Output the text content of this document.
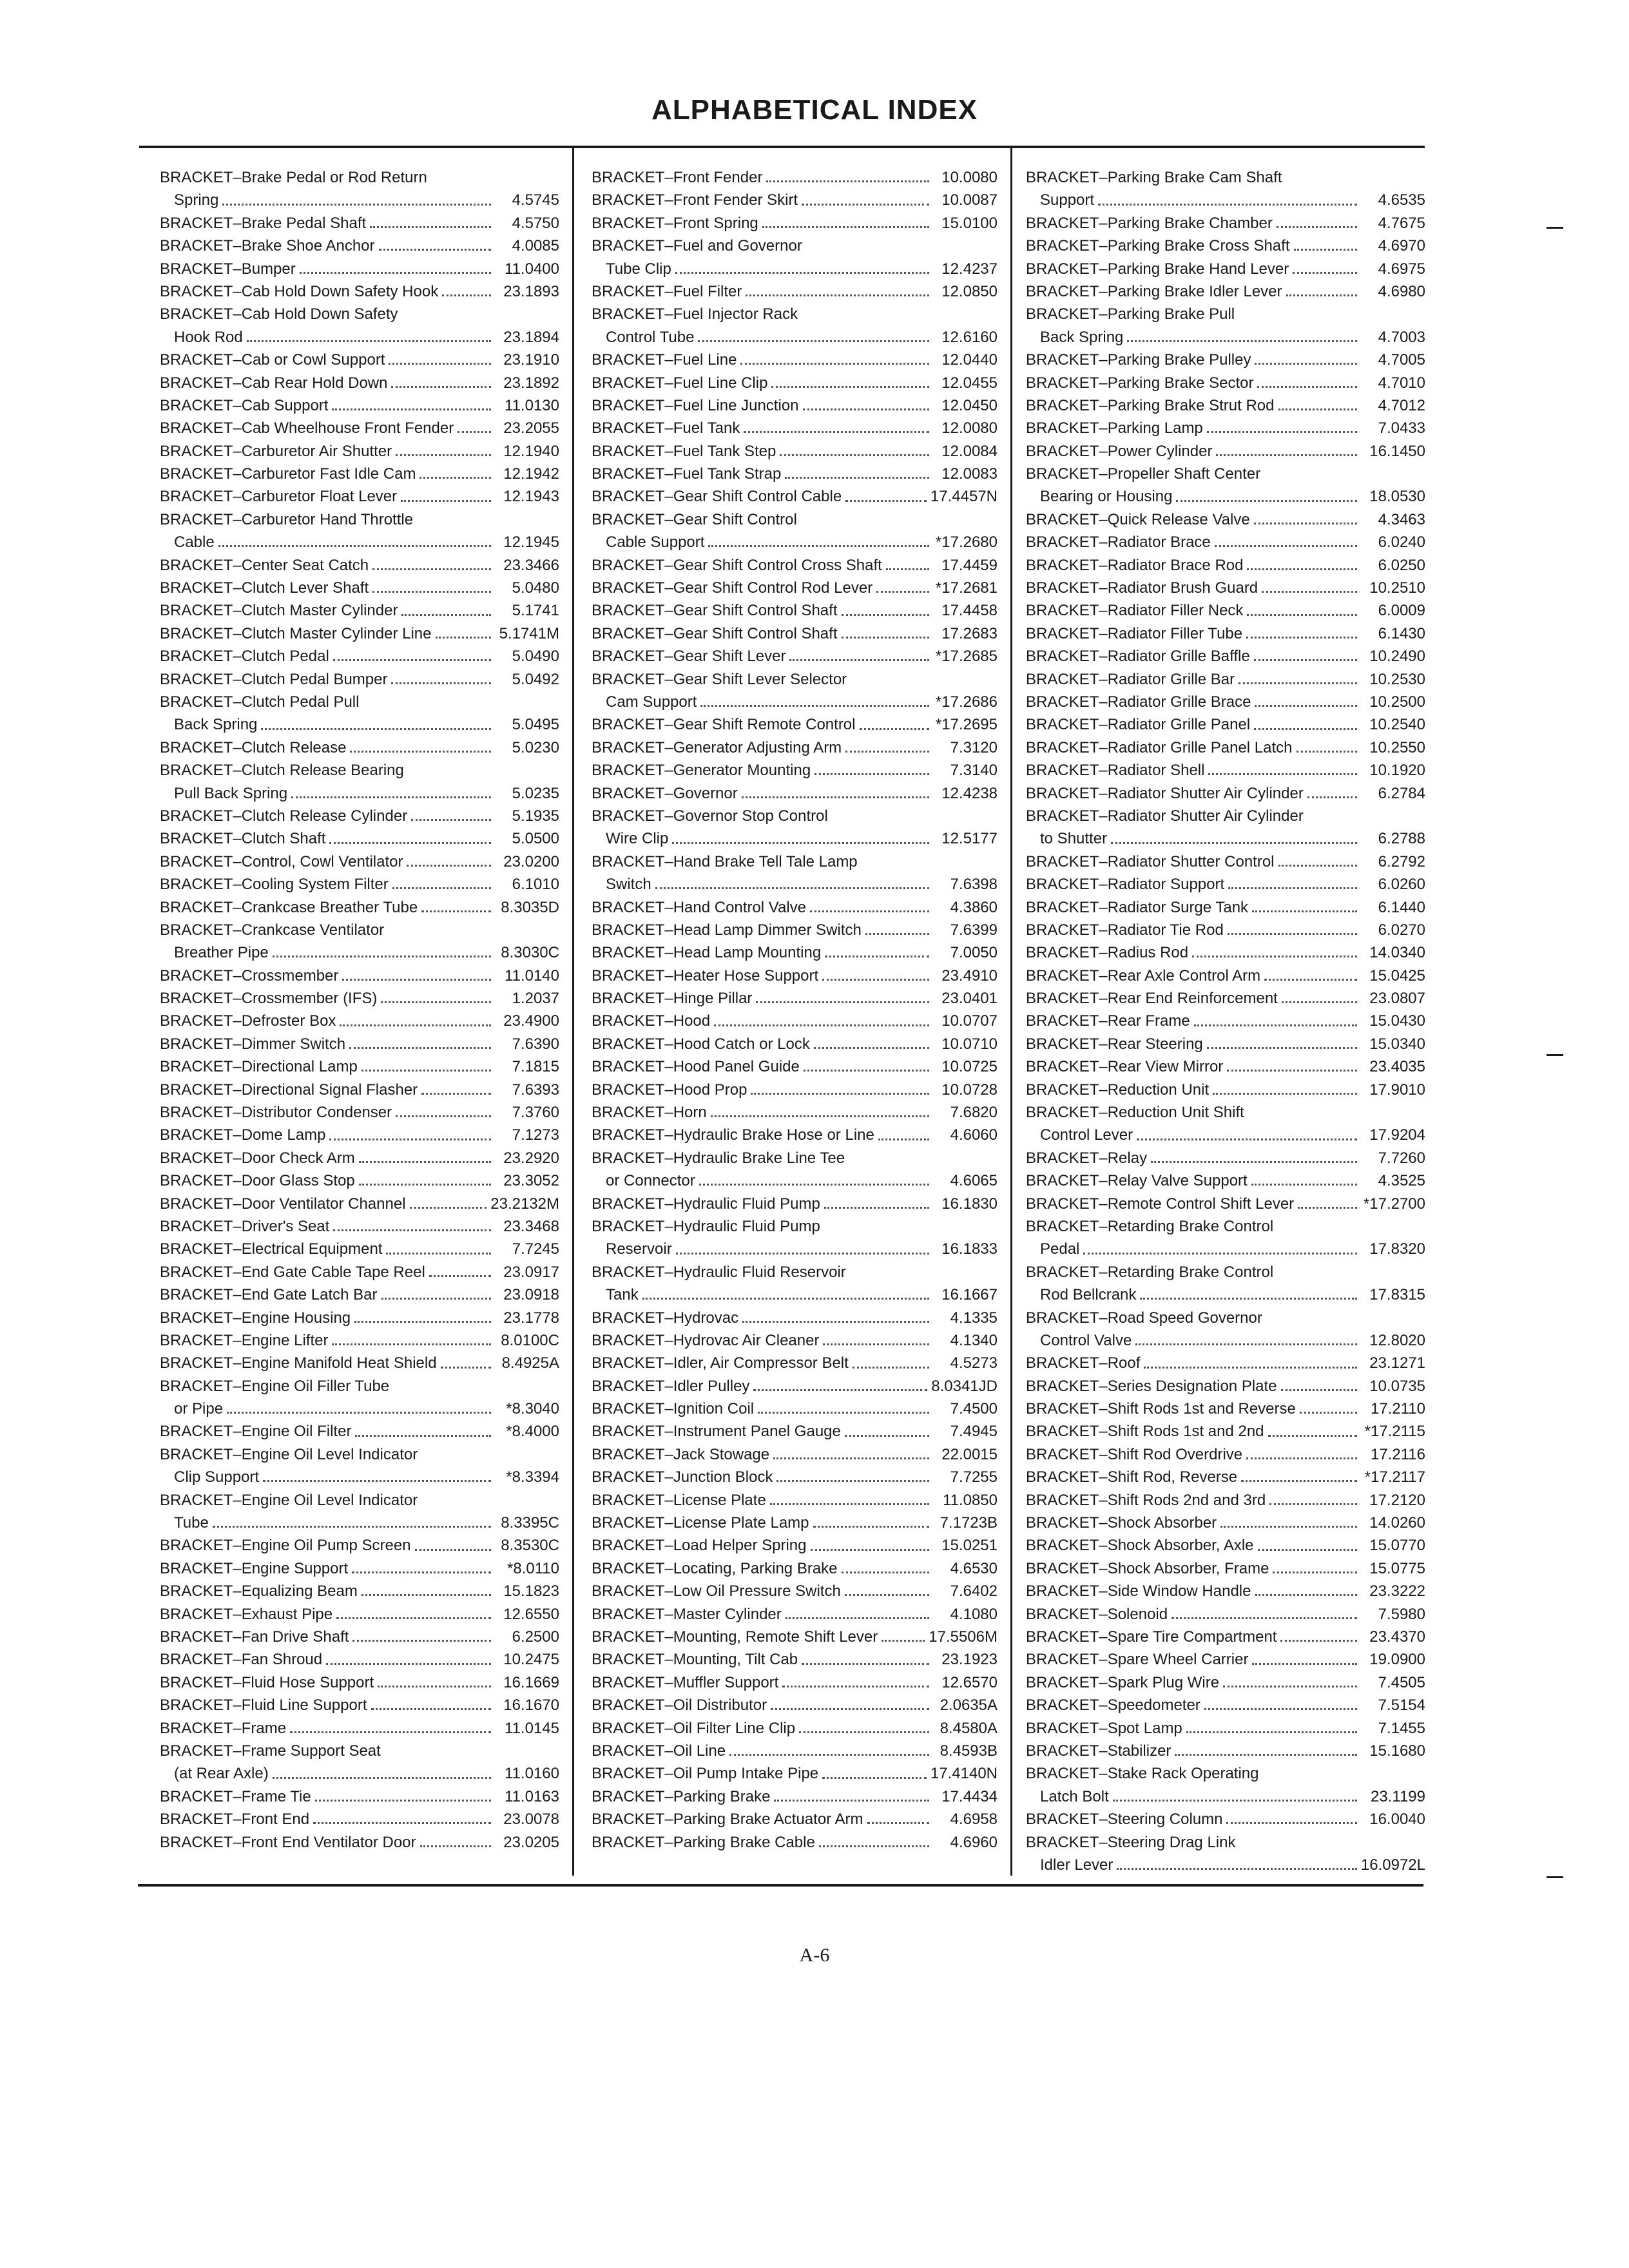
ALPHABETICAL INDEX
BRACKET–Brake Pedal or Rod Return
Spring	4.5745
BRACKET–Brake Pedal Shaft	4.5750
BRACKET–Brake Shoe Anchor	4.0085
BRACKET–Bumper	11.0400
BRACKET–Cab Hold Down Safety Hook	23.1893
BRACKET–Cab Hold Down Safety
Hook Rod	23.1894
BRACKET–Cab or Cowl Support	23.1910
BRACKET–Cab Rear Hold Down	23.1892
BRACKET–Cab Support	11.0130
BRACKET–Cab Wheelhouse Front Fender	23.2055
BRACKET–Carburetor Air Shutter	12.1940
BRACKET–Carburetor Fast Idle Cam	12.1942
BRACKET–Carburetor Float Lever	12.1943
BRACKET–Carburetor Hand Throttle
Cable	12.1945
BRACKET–Center Seat Catch	23.3466
BRACKET–Clutch Lever Shaft	5.0480
BRACKET–Clutch Master Cylinder	5.1741
BRACKET–Clutch Master Cylinder Line	5.1741M
BRACKET–Clutch Pedal	5.0490
BRACKET–Clutch Pedal Bumper	5.0492
BRACKET–Clutch Pedal Pull
Back Spring	5.0495
BRACKET–Clutch Release	5.0230
BRACKET–Clutch Release Bearing
Pull Back Spring	5.0235
BRACKET–Clutch Release Cylinder	5.1935
BRACKET–Clutch Shaft	5.0500
BRACKET–Control, Cowl Ventilator	23.0200
BRACKET–Cooling System Filter	6.1010
BRACKET–Crankcase Breather Tube	8.3035D
BRACKET–Crankcase Ventilator
Breather Pipe	8.3030C
BRACKET–Crossmember	11.0140
BRACKET–Crossmember (IFS)	1.2037
BRACKET–Defroster Box	23.4900
BRACKET–Dimmer Switch	7.6390
BRACKET–Directional Lamp	7.1815
BRACKET–Directional Signal Flasher	7.6393
BRACKET–Distributor Condenser	7.3760
BRACKET–Dome Lamp	7.1273
BRACKET–Door Check Arm	23.2920
BRACKET–Door Glass Stop	23.3052
BRACKET–Door Ventilator Channel	23.2132M
BRACKET–Driver's Seat	23.3468
BRACKET–Electrical Equipment	7.7245
BRACKET–End Gate Cable Tape Reel	23.0917
BRACKET–End Gate Latch Bar	23.0918
BRACKET–Engine Housing	23.1778
BRACKET–Engine Lifter	8.0100C
BRACKET–Engine Manifold Heat Shield	8.4925A
BRACKET–Engine Oil Filler Tube
or Pipe	*8.3040
BRACKET–Engine Oil Filter	*8.4000
BRACKET–Engine Oil Level Indicator
Clip Support	*8.3394
BRACKET–Engine Oil Level Indicator
Tube	8.3395C
BRACKET–Engine Oil Pump Screen	8.3530C
BRACKET–Engine Support	*8.0110
BRACKET–Equalizing Beam	15.1823
BRACKET–Exhaust Pipe	12.6550
BRACKET–Fan Drive Shaft	6.2500
BRACKET–Fan Shroud	10.2475
BRACKET–Fluid Hose Support	16.1669
BRACKET–Fluid Line Support	16.1670
BRACKET–Frame	11.0145
BRACKET–Frame Support Seat
(at Rear Axle)	11.0160
BRACKET–Frame Tie	11.0163
BRACKET–Front End	23.0078
BRACKET–Front End Ventilator Door	23.0205
BRACKET–Front Fender	10.0080
BRACKET–Front Fender Skirt	10.0087
BRACKET–Front Spring	15.0100
BRACKET–Fuel and Governor
Tube Clip	12.4237
BRACKET–Fuel Filter	12.0850
BRACKET–Fuel Injector Rack
Control Tube	12.6160
BRACKET–Fuel Line	12.0440
BRACKET–Fuel Line Clip	12.0455
BRACKET–Fuel Line Junction	12.0450
BRACKET–Fuel Tank	12.0080
BRACKET–Fuel Tank Step	12.0084
BRACKET–Fuel Tank Strap	12.0083
BRACKET–Gear Shift Control Cable	17.4457N
BRACKET–Gear Shift Control
Cable Support	*17.2680
BRACKET–Gear Shift Control Cross Shaft	17.4459
BRACKET–Gear Shift Control Rod Lever	*17.2681
BRACKET–Gear Shift Control Shaft	17.4458
BRACKET–Gear Shift Control Shaft	17.2683
BRACKET–Gear Shift Lever	*17.2685
BRACKET–Gear Shift Lever Selector
Cam Support	*17.2686
BRACKET–Gear Shift Remote Control	*17.2695
BRACKET–Generator Adjusting Arm	7.3120
BRACKET–Generator Mounting	7.3140
BRACKET–Governor	12.4238
BRACKET–Governor Stop Control
Wire Clip	12.5177
BRACKET–Hand Brake Tell Tale Lamp
Switch	7.6398
BRACKET–Hand Control Valve	4.3860
BRACKET–Head Lamp Dimmer Switch	7.6399
BRACKET–Head Lamp Mounting	7.0050
BRACKET–Heater Hose Support	23.4910
BRACKET–Hinge Pillar	23.0401
BRACKET–Hood	10.0707
BRACKET–Hood Catch or Lock	10.0710
BRACKET–Hood Panel Guide	10.0725
BRACKET–Hood Prop	10.0728
BRACKET–Horn	7.6820
BRACKET–Hydraulic Brake Hose or Line	4.6060
BRACKET–Hydraulic Brake Line Tee
or Connector	4.6065
BRACKET–Hydraulic Fluid Pump	16.1830
BRACKET–Hydraulic Fluid Pump
Reservoir	16.1833
BRACKET–Hydraulic Fluid Reservoir
Tank	16.1667
BRACKET–Hydrovac	4.1335
BRACKET–Hydrovac Air Cleaner	4.1340
BRACKET–Idler, Air Compressor Belt	4.5273
BRACKET–Idler Pulley	8.0341JD
BRACKET–Ignition Coil	7.4500
BRACKET–Instrument Panel Gauge	7.4945
BRACKET–Jack Stowage	22.0015
BRACKET–Junction Block	7.7255
BRACKET–License Plate	11.0850
BRACKET–License Plate Lamp	7.1723B
BRACKET–Load Helper Spring	15.0251
BRACKET–Locating, Parking Brake	4.6530
BRACKET–Low Oil Pressure Switch	7.6402
BRACKET–Master Cylinder	4.1080
BRACKET–Mounting, Remote Shift Lever	17.5506M
BRACKET–Mounting, Tilt Cab	23.1923
BRACKET–Muffler Support	12.6570
BRACKET–Oil Distributor	2.0635A
BRACKET–Oil Filter Line Clip	8.4580A
BRACKET–Oil Line	8.4593B
BRACKET–Oil Pump Intake Pipe	17.4140N
BRACKET–Parking Brake	17.4434
BRACKET–Parking Brake Actuator Arm	4.6958
BRACKET–Parking Brake Cable	4.6960
BRACKET–Parking Brake Cam Shaft
Support	4.6535
BRACKET–Parking Brake Chamber	4.7675
BRACKET–Parking Brake Cross Shaft	4.6970
BRACKET–Parking Brake Hand Lever	4.6975
BRACKET–Parking Brake Idler Lever	4.6980
BRACKET–Parking Brake Pull
Back Spring	4.7003
BRACKET–Parking Brake Pulley	4.7005
BRACKET–Parking Brake Sector	4.7010
BRACKET–Parking Brake Strut Rod	4.7012
BRACKET–Parking Lamp	7.0433
BRACKET–Power Cylinder	16.1450
BRACKET–Propeller Shaft Center
Bearing or Housing	18.0530
BRACKET–Quick Release Valve	4.3463
BRACKET–Radiator Brace	6.0240
BRACKET–Radiator Brace Rod	6.0250
BRACKET–Radiator Brush Guard	10.2510
BRACKET–Radiator Filler Neck	6.0009
BRACKET–Radiator Filler Tube	6.1430
BRACKET–Radiator Grille Baffle	10.2490
BRACKET–Radiator Grille Bar	10.2530
BRACKET–Radiator Grille Brace	10.2500
BRACKET–Radiator Grille Panel	10.2540
BRACKET–Radiator Grille Panel Latch	10.2550
BRACKET–Radiator Shell	10.1920
BRACKET–Radiator Shutter Air Cylinder	6.2784
BRACKET–Radiator Shutter Air Cylinder
to Shutter	6.2788
BRACKET–Radiator Shutter Control	6.2792
BRACKET–Radiator Support	6.0260
BRACKET–Radiator Surge Tank	6.1440
BRACKET–Radiator Tie Rod	6.0270
BRACKET–Radius Rod	14.0340
BRACKET–Rear Axle Control Arm	15.0425
BRACKET–Rear End Reinforcement	23.0807
BRACKET–Rear Frame	15.0430
BRACKET–Rear Steering	15.0340
BRACKET–Rear View Mirror	23.4035
BRACKET–Reduction Unit	17.9010
BRACKET–Reduction Unit Shift
Control Lever	17.9204
BRACKET–Relay	7.7260
BRACKET–Relay Valve Support	4.3525
BRACKET–Remote Control Shift Lever	*17.2700
BRACKET–Retarding Brake Control
Pedal	17.8320
BRACKET–Retarding Brake Control
Rod Bellcrank	17.8315
BRACKET–Road Speed Governor
Control Valve	12.8020
BRACKET–Roof	23.1271
BRACKET–Series Designation Plate	10.0735
BRACKET–Shift Rods 1st and Reverse	17.2110
BRACKET–Shift Rods 1st and 2nd	*17.2115
BRACKET–Shift Rod Overdrive	17.2116
BRACKET–Shift Rod, Reverse	*17.2117
BRACKET–Shift Rods 2nd and 3rd	17.2120
BRACKET–Shock Absorber	14.0260
BRACKET–Shock Absorber, Axle	15.0770
BRACKET–Shock Absorber, Frame	15.0775
BRACKET–Side Window Handle	23.3222
BRACKET–Solenoid	7.5980
BRACKET–Spare Tire Compartment	23.4370
BRACKET–Spare Wheel Carrier	19.0900
BRACKET–Spark Plug Wire	7.4505
BRACKET–Speedometer	7.5154
BRACKET–Spot Lamp	7.1455
BRACKET–Stabilizer	15.1680
BRACKET–Stake Rack Operating
Latch Bolt	23.1199
BRACKET–Steering Column	16.0040
BRACKET–Steering Drag Link
Idler Lever	16.0972L
A-6
